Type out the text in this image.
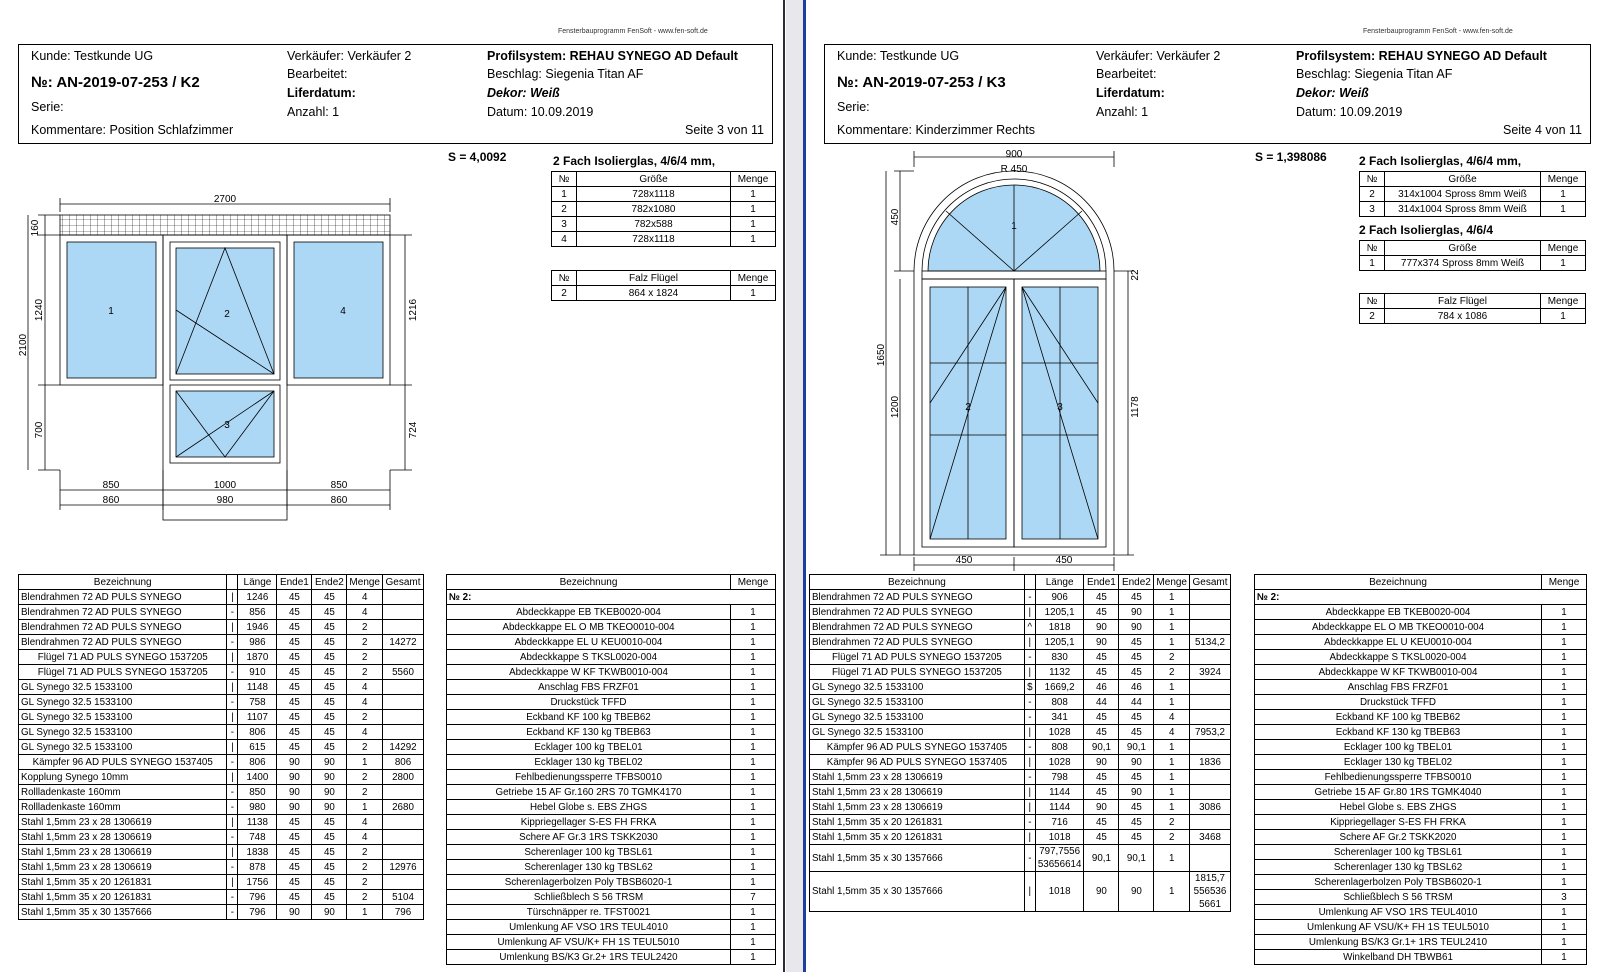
Fensterbauprogramm FenSoft - www.fen-soft.de
Kunde: Testkunde UG
№: AN-2019-07-253 / K2
Serie:
Kommentare: Position Schlafzimmer
Verkäufer: Verkäufer 2
Bearbeitet:
Liferdatum:
Anzahl: 1
Profilsystem: REHAU SYNEGO AD Default
Beschlag: Siegenia Titan AF
Dekor: Weiß
Datum: 10.09.2019
Seite 3 von 11
S = 4,0092	2 Fach Isolierglas, 4/6/4 mm,
№	Größe	Menge
1	728x1118	1
2	782x1080	1
3	782x588	1
4	728x1118	1
№	Falz Flügel	Menge
2	864 x 1824	1
2700
160
1240
2100
700
1216
724
850	1000	850
860	980	860
1	2	4
3
Bezeichnung		Länge	Ende1	Ende2	Menge	Gesamt
Blendrahmen 72 AD PULS SYNEGO	|	1246	45	45	4	
Blendrahmen 72 AD PULS SYNEGO	-	856	45	45	4	
Blendrahmen 72 AD PULS SYNEGO	|	1946	45	45	2	
Blendrahmen 72 AD PULS SYNEGO	-	986	45	45	2	14272
Flügel 71 AD PULS SYNEGO 1537205	|	1870	45	45	2	
Flügel 71 AD PULS SYNEGO 1537205	-	910	45	45	2	5560
GL Synego 32.5 1533100	|	1148	45	45	4	
GL Synego 32.5 1533100	-	758	45	45	4	
GL Synego 32.5 1533100	|	1107	45	45	2	
GL Synego 32.5 1533100	-	806	45	45	4	
GL Synego 32.5 1533100	|	615	45	45	2	14292
Kämpfer 96 AD PULS SYNEGO 1537405	-	806	90	90	1	806
Kopplung Synego 10mm	|	1400	90	90	2	2800
Rollladenkaste 160mm	-	850	90	90	2	
Rollladenkaste 160mm	-	980	90	90	1	2680
Stahl 1,5mm 23 x 28 1306619	|	1138	45	45	4	
Stahl 1,5mm 23 x 28 1306619	-	748	45	45	4	
Stahl 1,5mm 23 x 28 1306619	|	1838	45	45	2	
Stahl 1,5mm 23 x 28 1306619	-	878	45	45	2	12976
Stahl 1,5mm 35 x 20 1261831	|	1756	45	45	2	
Stahl 1,5mm 35 x 20 1261831	-	796	45	45	2	5104
Stahl 1,5mm 35 x 30 1357666	-	796	90	90	1	796
Bezeichnung	Menge
№ 2:	
Abdeckkappe EB TKEB0020-004	1
Abdeckkappe EL O MB TKEO0010-004	1
Abdeckkappe EL U KEU0010-004	1
Abdeckkappe S TKSL0020-004	1
Abdeckkappe W KF TKWB0010-004	1
Anschlag FBS FRZF01	1
Druckstück TFFD	1
Eckband KF 100 kg TBEB62	1
Eckband KF 130 kg TBEB63	1
Ecklager 100 kg TBEL01	1
Ecklager 130 kg TBEL02	1
Fehlbedienungssperre TFBS0010	1
Getriebe 15 AF Gr.160 2RS 70 TGMK4170	1
Hebel Globe s. EBS ZHGS	1
Kippriegellager S-ES FH FRKA	1
Schere AF Gr.3 1RS TSKK2030	1
Scherenlager 100 kg TBSL61	1
Scherenlager 130 kg TBSL62	1
Scherenlagerbolzen Poly TBSB6020-1	1
Schließblech S 56 TRSM	7
Türschnäpper re. TFST0021	1
Umlenkung AF VSO 1RS TEUL4010	1
Umlenkung AF VSU/K+ FH 1S TEUL5010	1
Umlenkung BS/K3 Gr.2+ 1RS TEUL2420	1
Fensterbauprogramm FenSoft - www.fen-soft.de
Kunde: Testkunde UG
№: AN-2019-07-253 / K3
Serie:
Kommentare: Kinderzimmer Rechts
Verkäufer: Verkäufer 2
Bearbeitet:
Liferdatum:
Anzahl: 1
Profilsystem: REHAU SYNEGO AD Default
Beschlag: Siegenia Titan AF
Dekor: Weiß
Datum: 10.09.2019
Seite 4 von 11
S = 1,398086	2 Fach Isolierglas, 4/6/4 mm,
№	Größe	Menge
2	314x1004 Spross 8mm Weiß	1
3	314x1004 Spross 8mm Weiß	1
2 Fach Isolierglas, 4/6/4
№	Größe	Menge
1	777x374 Spross 8mm Weiß	1
№	Falz Flügel	Menge
2	784 x 1086	1
900
R 450
450
22
1650
1200	1178
450	450
1
2	3
Bezeichnung		Länge	Ende1	Ende2	Menge	Gesamt
Blendrahmen 72 AD PULS SYNEGO	-	906	45	45	1	
Blendrahmen 72 AD PULS SYNEGO	|	1205,1	45	90	1	
Blendrahmen 72 AD PULS SYNEGO	^	1818	90	90	1	
Blendrahmen 72 AD PULS SYNEGO	|	1205,1	90	45	1	5134,2
Flügel 71 AD PULS SYNEGO 1537205	-	830	45	45	2	
Flügel 71 AD PULS SYNEGO 1537205	|	1132	45	45	2	3924
GL Synego 32.5 1533100	$	1669,2	46	46	1	
GL Synego 32.5 1533100	-	808	44	44	1	
GL Synego 32.5 1533100	-	341	45	45	4	
GL Synego 32.5 1533100	|	1028	45	45	4	7953,2
Kämpfer 96 AD PULS SYNEGO 1537405	-	808	90,1	90,1	1	
Kämpfer 96 AD PULS SYNEGO 1537405	|	1028	90	90	1	1836
Stahl 1,5mm 23 x 28 1306619	-	798	45	45	1	
Stahl 1,5mm 23 x 28 1306619	|	1144	45	90	1	
Stahl 1,5mm 23 x 28 1306619	|	1144	90	45	1	3086
Stahl 1,5mm 35 x 20 1261831	-	716	45	45	2	
Stahl 1,5mm 35 x 20 1261831	|	1018	45	45	2	3468
Stahl 1,5mm 35 x 30 1357666	-	797,7556 53656614	90,1	90,1	1	
Stahl 1,5mm 35 x 30 1357666	|	1018	90	90	1	1815,7 556536 5661
Bezeichnung	Menge
№ 2:	
Abdeckkappe EB TKEB0020-004	1
Abdeckkappe EL O MB TKEO0010-004	1
Abdeckkappe EL U KEU0010-004	1
Abdeckkappe S TKSL0020-004	1
Abdeckkappe W KF TKWB0010-004	1
Anschlag FBS FRZF01	1
Druckstück TFFD	1
Eckband KF 100 kg TBEB62	1
Eckband KF 130 kg TBEB63	1
Ecklager 100 kg TBEL01	1
Ecklager 130 kg TBEL02	1
Fehlbedienungssperre TFBS0010	1
Getriebe 15 AF Gr.80 1RS TGMK4040	1
Hebel Globe s. EBS ZHGS	1
Kippriegellager S-ES FH FRKA	1
Schere AF Gr.2 TSKK2020	1
Scherenlager 100 kg TBSL61	1
Scherenlager 130 kg TBSL62	1
Scherenlagerbolzen Poly TBSB6020-1	1
Schließblech S 56 TRSM	3
Umlenkung AF VSO 1RS TEUL4010	1
Umlenkung AF VSU/K+ FH 1S TEUL5010	1
Umlenkung BS/K3 Gr.1+ 1RS TEUL2410	1
Winkelband DH TBWB61	1
